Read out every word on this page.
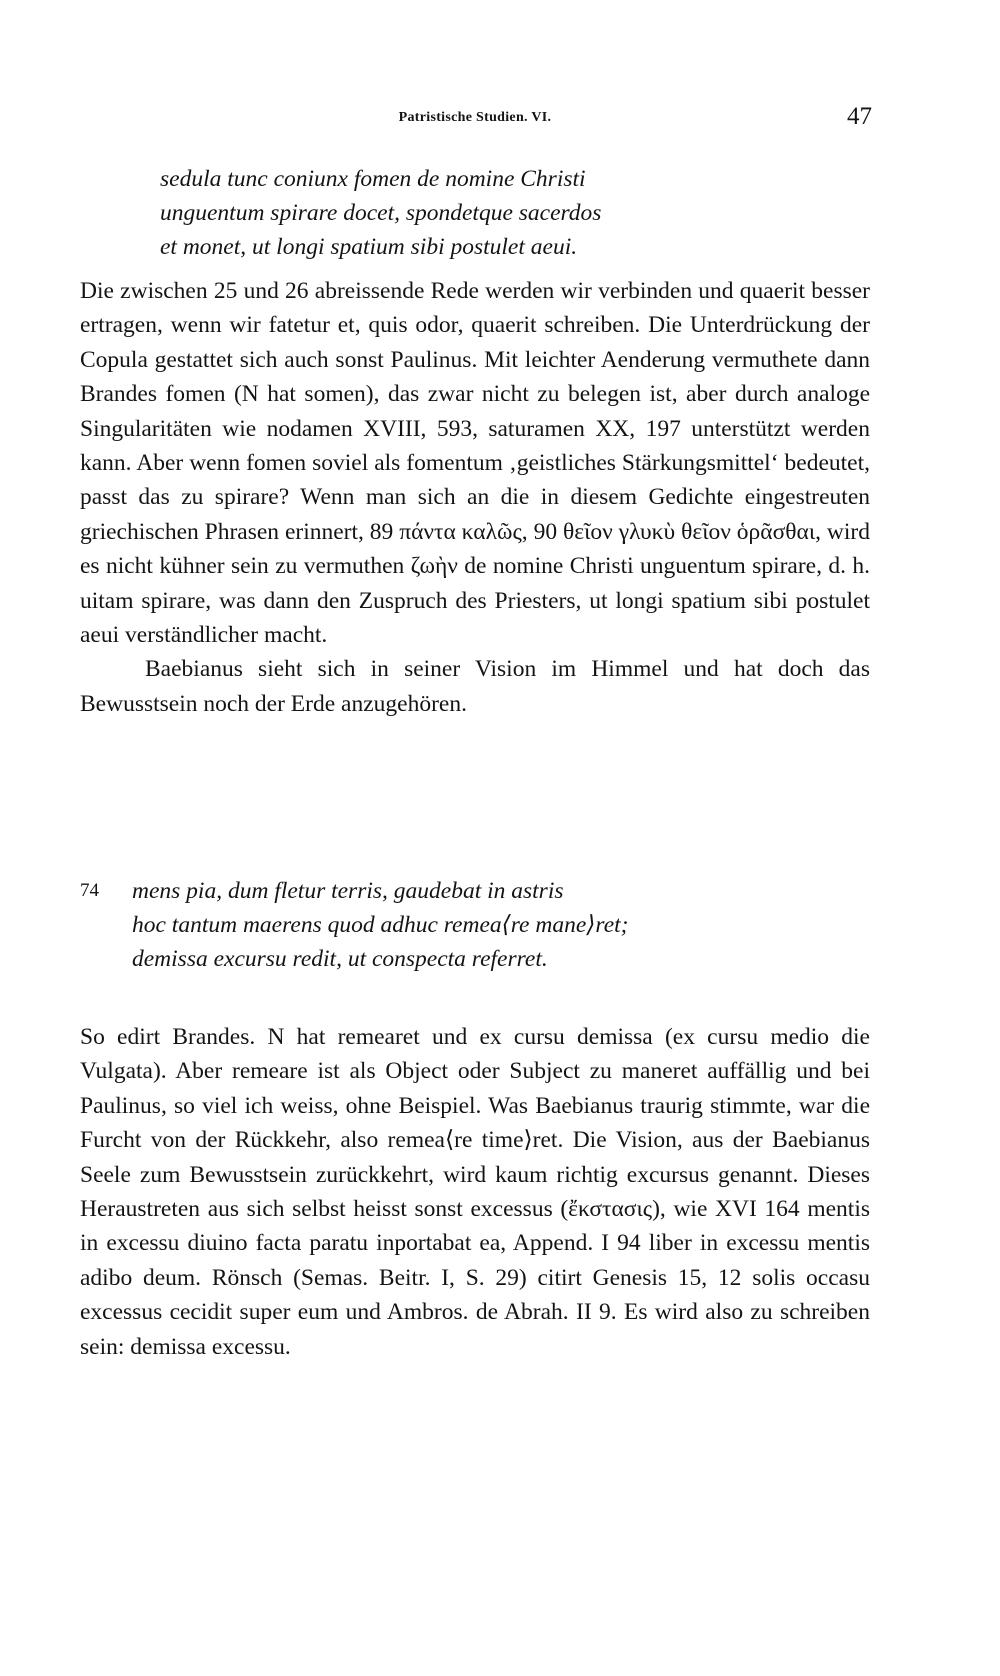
Patristische Studien. VI.	47
sedula tunc coniunx fomen de nomine Christi
unguentum spirare docet, spondetque sacerdos
et monet, ut longi spatium sibi postulet aeui.

Die zwischen 25 und 26 abreissende Rede werden wir verbinden und quaerit besser ertragen, wenn wir fatetur et, quis odor, quaerit schreiben. Die Unterdrückung der Copula gestattet sich auch sonst Paulinus. Mit leichter Aenderung vermuthete dann Brandes fomen (N hat somen), das zwar nicht zu belegen ist, aber durch analoge Singularitäten wie nodamen XVIII, 593, saturamen XX, 197 unterstützt werden kann. Aber wenn fomen soviel als fomentum ‚geistliches Stärkungsmittel‘ bedeutet, passt das zu spirare? Wenn man sich an die in diesem Gedichte eingestreuten griechischen Phrasen erinnert, 89 πάντα καλῶς, 90 θεῖον γλυκὺ θεῖον ὁρᾶσθαι, wird es nicht kühner sein zu vermuthen ζωὴν de nomine Christi unguentum spirare, d. h. uitam spirare, was dann den Zuspruch des Priesters, ut longi spatium sibi postulet aeui verständlicher macht.

Baebianus sieht sich in seiner Vision im Himmel und hat doch das Bewusstsein noch der Erde anzugehören.

74 mens pia, dum fletur terris, gaudebat in astris
hoc tantum maerens quod adhuc remea⟨re mane⟩ret;
demissa excursu redit, ut conspecta referret.

So edirt Brandes. N hat remearet und ex cursu demissa (ex cursu medio die Vulgata). Aber remeare ist als Object oder Subject zu maneret auffällig und bei Paulinus, so viel ich weiss, ohne Beispiel. Was Baebianus traurig stimmte, war die Furcht von der Rückkehr, also remea⟨re time⟩ret. Die Vision, aus der Baebianus Seele zum Bewusstsein zurückkehrt, wird kaum richtig excursus genannt. Dieses Heraustreten aus sich selbst heisst sonst excessus (ἔκστασις), wie XVI 164 mentis in excessu diuino facta paratu inportabat ea, Append. I 94 liber in excessu mentis adibo deum. Rönsch (Semas. Beitr. I, S. 29) citirt Genesis 15, 12 solis occasu excessus cecidit super eum und Ambros. de Abrah. II 9. Es wird also zu schreiben sein: demissa excessu.
